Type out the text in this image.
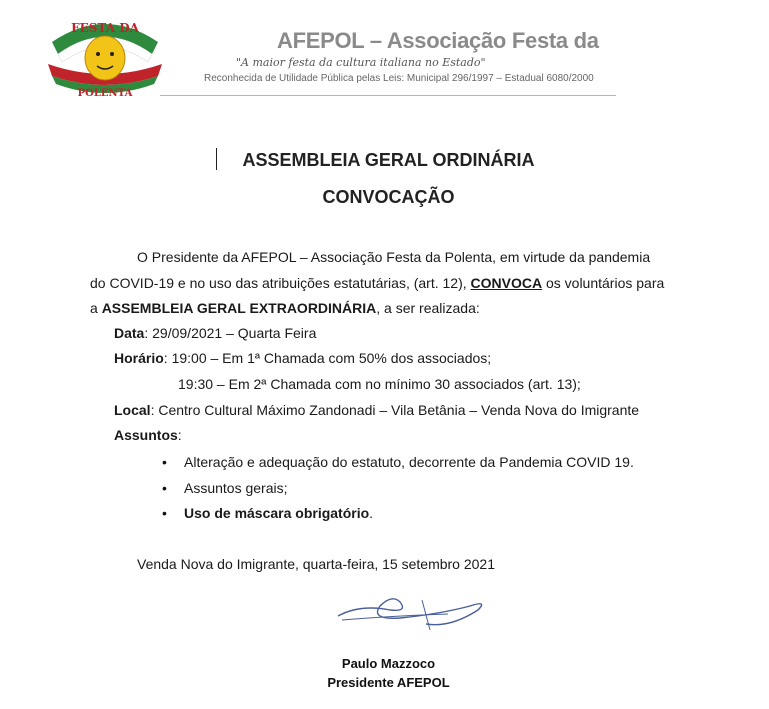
FESTA DA
POLENTA
AFEPOL – Associação Festa da
"A maior festa da cultura italiana no Estado"
Reconhecida de Utilidade Pública pelas Leis: Municipal 296/1997 – Estadual 6080/2000
ASSEMBLEIA GERAL ORDINÁRIA
CONVOCAÇÃO
O Presidente da AFEPOL – Associação Festa da Polenta, em virtude da pandemia
do COVID-19 e no uso das atribuições estatutárias, (art. 12), CONVOCA os voluntários para
a ASSEMBLEIA GERAL EXTRAORDINÁRIA, a ser realizada:
Data: 29/09/2021 – Quarta Feira
Horário: 19:00 – Em 1ª Chamada com 50% dos associados;
19:30 – Em 2ª Chamada com no mínimo 30 associados (art. 13);
Local: Centro Cultural Máximo Zandonadi – Vila Betânia – Venda Nova do Imigrante
Assuntos:
• Alteração e adequação do estatuto, decorrente da Pandemia COVID 19.
• Assuntos gerais;
• Uso de máscara obrigatório.
Venda Nova do Imigrante, quarta-feira, 15 setembro 2021
Paulo Mazzoco
Presidente AFEPOL
